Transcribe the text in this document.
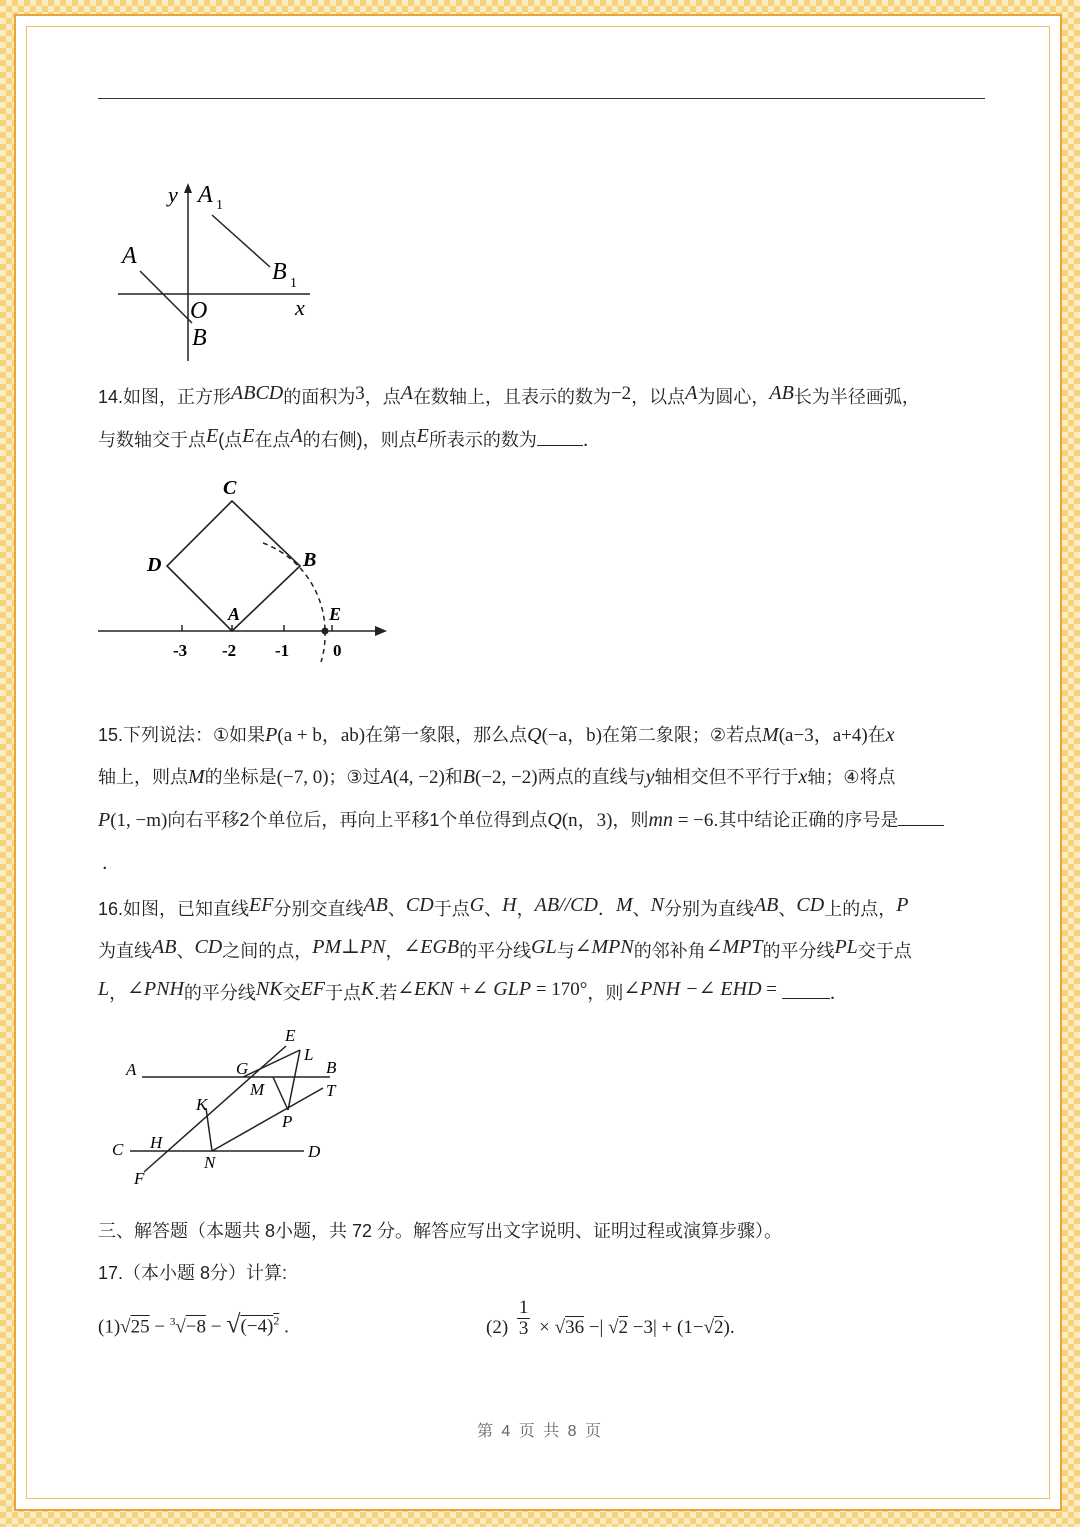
y A 1
A
B 1
O	x
B
14.如图，正方形ABCD的面积为3，点A在数轴上，且表示的数为−2，以点A为圆心，AB长为半径画弧，
与数轴交于点E(点E在点A的右侧)，则点E所表示的数为	．
C
D	B
A	E
-3 -2 -1	0
15.下列说法：①如果P(a + b，ab)在第一象限，那么点Q(−a，b)在第二象限；②若点M(a−3，a+4)在x
轴上，则点M的坐标是(−7, 0)；③过A(4, −2)和B(−2, −2)两点的直线与y轴相交但不平行于x轴；④将点
P(1, −m)向右平移2个单位后，再向上平移1个单位得到点Q(n，3)，则mn = −6.其中结论正确的序号是
．
16.如图，已知直线EF分别交直线AB、CD于点G、H，AB//CD．M、N分别为直线AB、CD上的点，P
为直线AB、CD之间的点，PM⊥PN，∠EGB的平分线GL与∠MPN的邻补角∠MPT的平分线PL交于点
L，∠PNH的平分线NK交EF于点K.若∠EKN +∠ GLP = 170°，则∠PNH −∠ EHD =	．
A	G
E
L
B
M	T
K
P
C H
N
D
F
三、解答题（本题共 8小题，共 72 分。解答应写出文字说明、证明过程或演算步骤）。
17.（本小题 8分）计算:
$(1)√25 - ^3√-8 - √(-4)^2$ .	$(2) \frac{1}{3} \times √36$ −| √2 −3| + (1−√2).
第 4 页 共 8 页
